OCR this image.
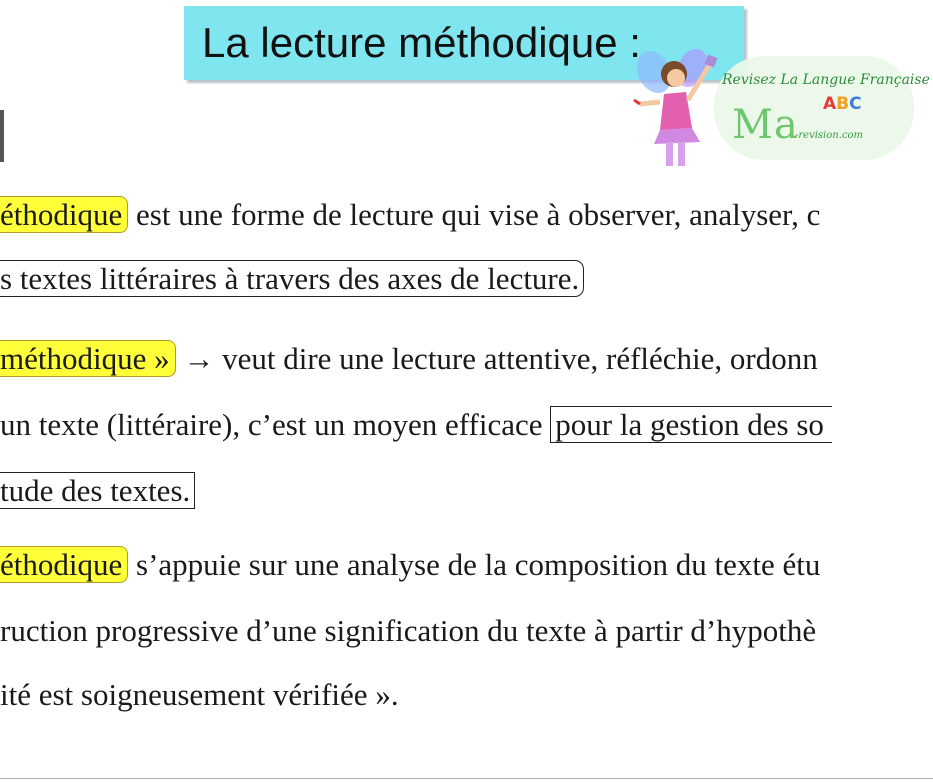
La lecture méthodique :
Revisez La Langue Française
Ma ABC
-revision.com
éthodique est une forme de lecture qui vise à observer, analyser, c
s textes littéraires à travers des axes de lecture.
méthodique » → veut dire une lecture attentive, réfléchie, ordonn
un texte (littéraire), c’est un moyen efficace pour la gestion des so
tude des textes.
éthodique s’appuie sur une analyse de la composition du texte étu
ruction progressive d’une signification du texte à partir d’hypothè
ité est soigneusement vérifiée ».
